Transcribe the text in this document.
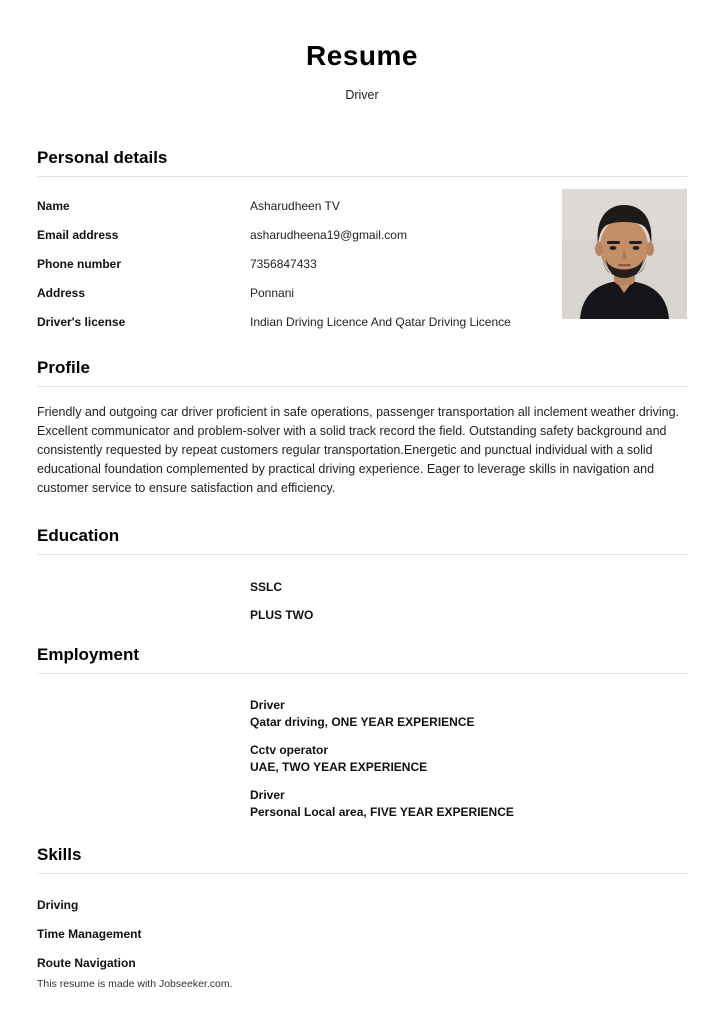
Resume
Driver
Personal details
Name	Asharudheen TV
Email address	asharudheena19@gmail.com
Phone number	7356847433
Address	Ponnani
Driver's license	Indian Driving Licence And Qatar Driving Licence
Profile
Friendly and outgoing car driver proficient in safe operations, passenger transportation all inclement weather driving. Excellent communicator and problem-solver with a solid track record the field. Outstanding safety background and consistently requested by repeat customers regular transportation.Energetic and punctual individual with a solid educational foundation complemented by practical driving experience. Eager to leverage skills in navigation and customer service to ensure satisfaction and efficiency.
Education
SSLC
PLUS TWO
Employment
Driver
Qatar driving, ONE YEAR EXPERIENCE
Cctv operator
UAE, TWO YEAR EXPERIENCE
Driver
Personal Local area, FIVE YEAR EXPERIENCE
Skills
Driving
Time Management
Route Navigation
This resume is made with Jobseeker.com.
